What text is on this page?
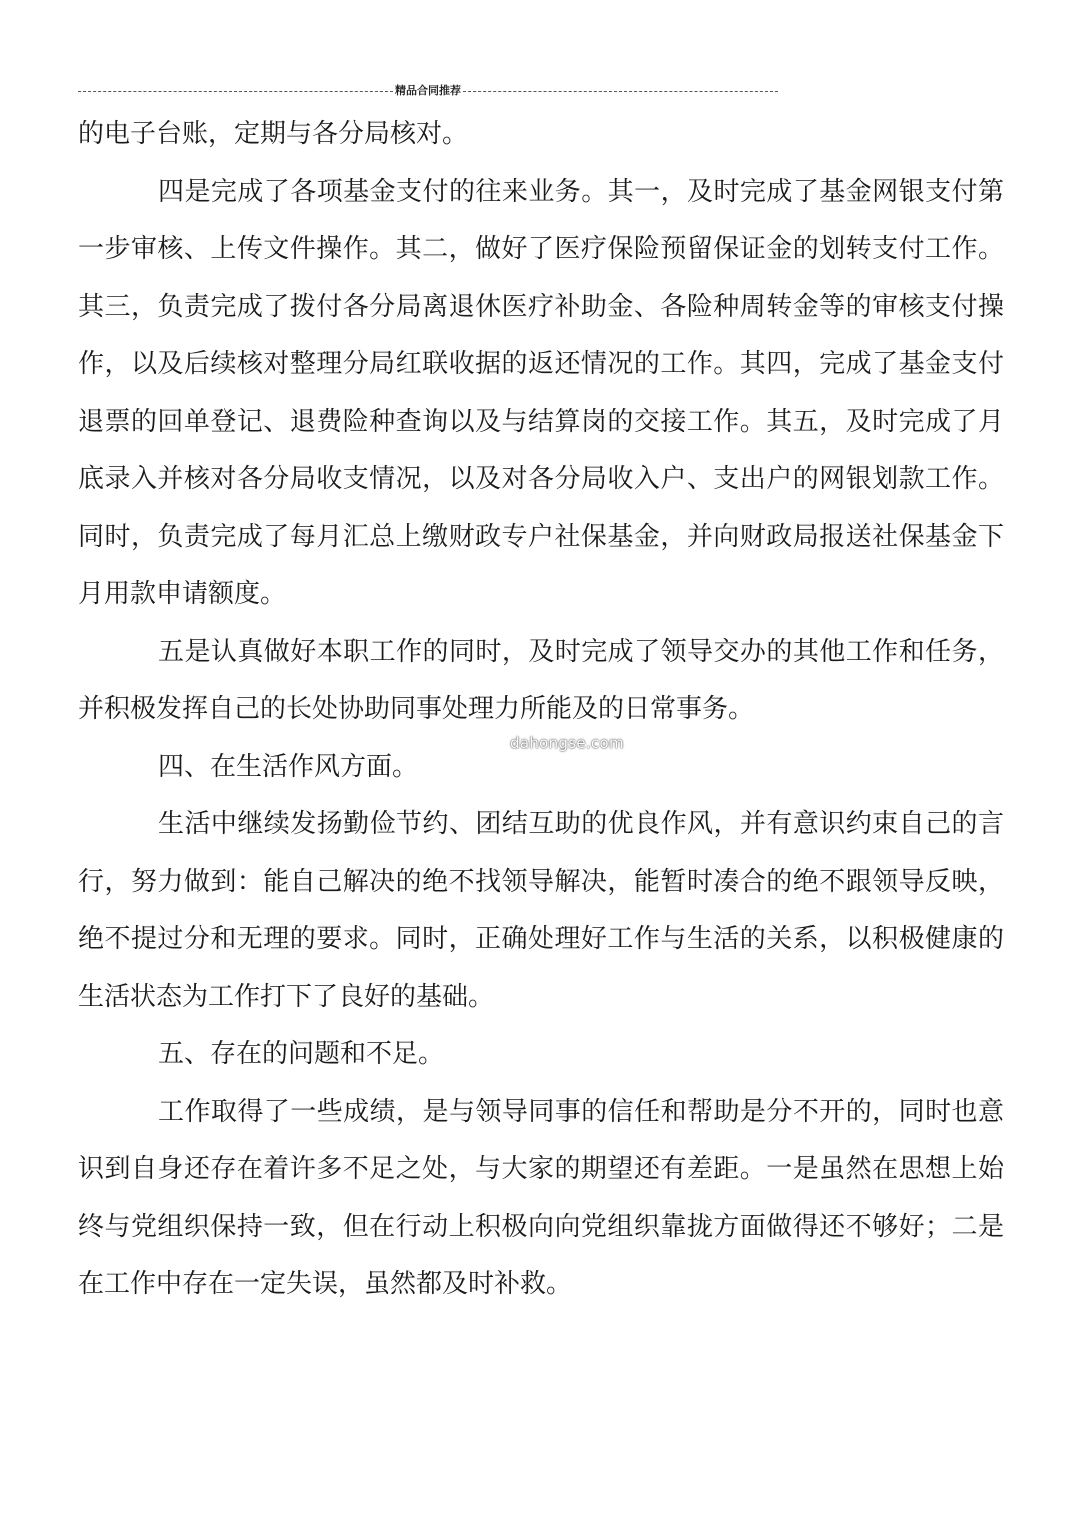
精品合同推荐

的电子台账，定期与各分局核对。

四是完成了各项基金支付的往来业务。其一，及时完成了基金网银支付第一步审核、上传文件操作。其二，做好了医疗保险预留保证金的划转支付工作。其三，负责完成了拨付各分局离退休医疗补助金、各险种周转金等的审核支付操作，以及后续核对整理分局红联收据的返还情况的工作。其四，完成了基金支付退票的回单登记、退费险种查询以及与结算岗的交接工作。其五，及时完成了月底录入并核对各分局收支情况，以及对各分局收入户、支出户的网银划款工作。同时，负责完成了每月汇总上缴财政专户社保基金，并向财政局报送社保基金下月用款申请额度。

五是认真做好本职工作的同时，及时完成了领导交办的其他工作和任务，并积极发挥自己的长处协助同事处理力所能及的日常事务。

四、在生活作风方面。

生活中继续发扬勤俭节约、团结互助的优良作风，并有意识约束自己的言行，努力做到：能自己解决的绝不找领导解决，能暂时凑合的绝不跟领导反映，绝不提过分和无理的要求。同时，正确处理好工作与生活的关系，以积极健康的生活状态为工作打下了良好的基础。

五、存在的问题和不足。

工作取得了一些成绩，是与领导同事的信任和帮助是分不开的，同时也意识到自身还存在着许多不足之处，与大家的期望还有差距。一是虽然在思想上始终与党组织保持一致，但在行动上积极向向党组织靠拢方面做得还不够好；二是在工作中存在一定失误，虽然都及时补救。

dahongse.com
